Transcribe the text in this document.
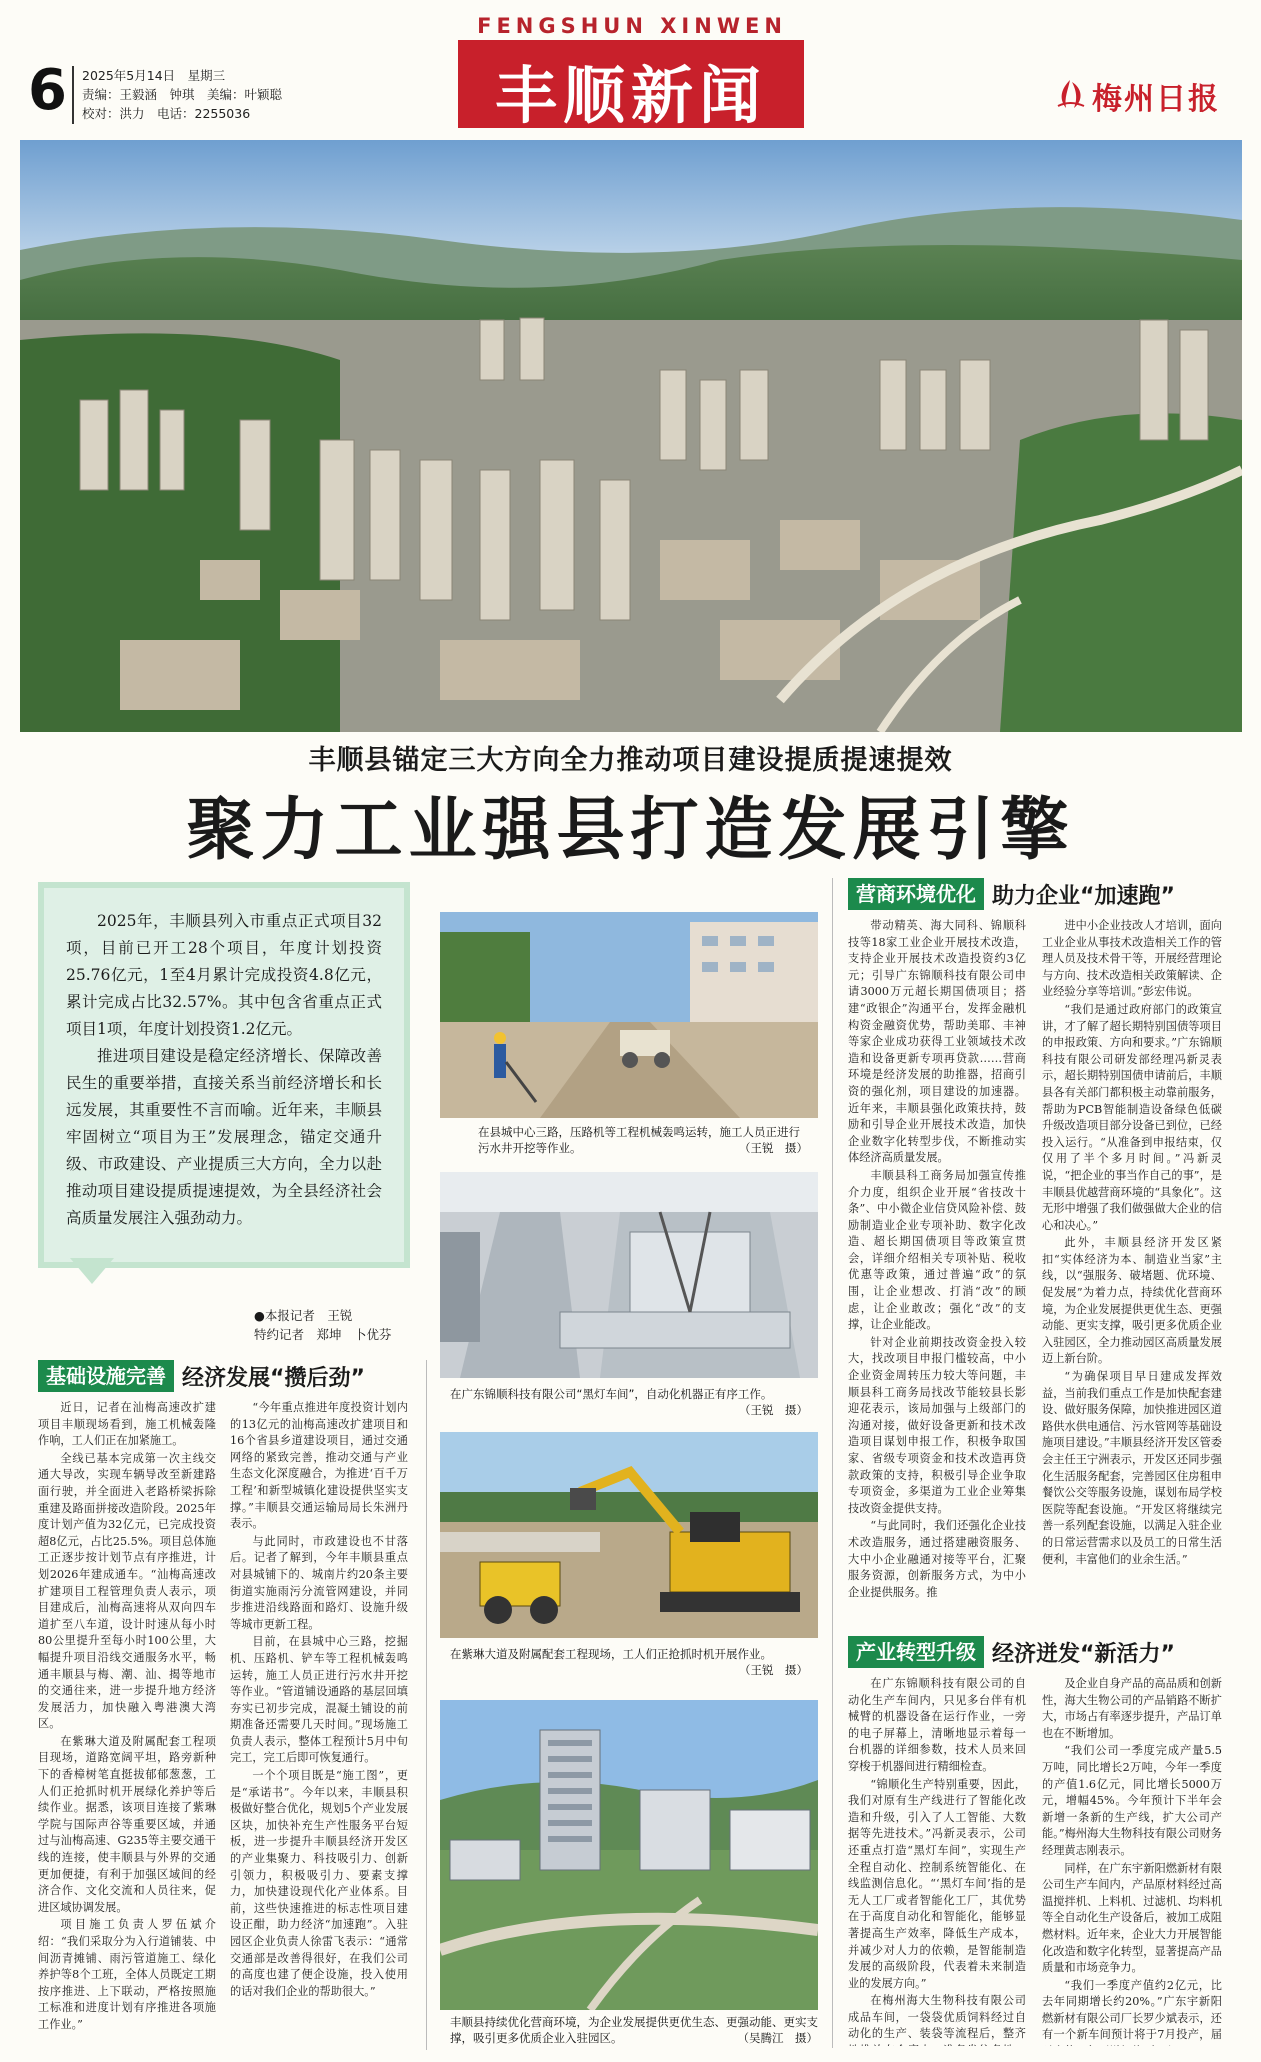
6 2025年5月14日　星期三
责编：王毅涵　钟琪　美编：叶颖聪
校对：洪力　电话：2255036
FENGSHUN XINWEN
丰顺新闻	梅州日报
丰顺县锚定三大方向全力推动项目建设提质提速提效
聚力工业强县打造发展引擎

2025年，丰顺县列入市重点正式项目32项，目前已开工28个项目，年度计划投资25.76亿元，1至4月累计完成投资4.8亿元，累计完成占比32.57%。其中包含省重点正式项目1项，年度计划投资1.2亿元。

推进项目建设是稳定经济增长、保障改善民生的重要举措，直接关系当前经济增长和长远发展，其重要性不言而喻。近年来，丰顺县牢固树立“项目为王”发展理念，锚定交通升级、市政建设、产业提质三大方向，全力以赴推动项目建设提质提速提效，为全县经济社会高质量发展注入强劲动力。

●本报记者　王锐
特约记者　郑坤　卜优芬
基础设施完善 经济发展“攒后劲”

近日，记者在汕梅高速改扩建项目丰顺现场看到，施工机械轰隆作响，工人们正在加紧施工。

全线已基本完成第一次主线交通大导改，实现车辆导改至新建路面行驶，并全面进入老路桥梁拆除重建及路面拼接改造阶段。2025年度计划产值为32亿元，已完成投资超8亿元，占比25.5%。项目总体施工正逐步按计划节点有序推进，计划2026年建成通车。“汕梅高速改扩建项目工程管理负责人表示，项目建成后，汕梅高速将从双向四车道扩至八车道，设计时速从每小时80公里提升至每小时100公里，大幅提升项目沿线交通服务水平，畅通丰顺县与梅、潮、汕、揭等地市的交通往来，进一步提升地方经济发展活力，加快融入粤港澳大湾区。

在紫琳大道及附属配套工程项目现场，道路宽阔平坦，路旁新种下的香樟树笔直挺拔郁郁葱葱，工人们正抢抓时机开展绿化养护等后续作业。据悉，该项目连接了紫琳学院与国际声谷等重要区域，并通过与汕梅高速、G235等主要交通干线的连接，使丰顺县与外界的交通更加便捷，有利于加强区域间的经济合作、文化交流和人员往来，促进区域协调发展。

项目施工负责人罗伍斌介绍：“我们采取分为入行道铺装、中间沥青摊铺、雨污管道施工、绿化养护等8个工班，全体人员既定工期按序推进、上下联动，严格按照施工标准和进度计划有序推进各项施工作业。”

“今年重点推进年度投资计划内的13亿元的汕梅高速改扩建项目和16个省县乡道建设项目，通过交通网络的紧致完善，推动交通与产业生态文化深度融合，为推进‘百千万工程’和新型城镇化建设提供坚实支撑。”丰顺县交通运输局局长朱洲丹表示。

与此同时，市政建设也不甘落后。记者了解到，今年丰顺县重点对县城铺下的、城南片约20条主要街道实施雨污分流管网建设，并同步推进沿线路面和路灯、设施升级等城市更新工程。

目前，在县城中心三路，挖掘机、压路机、铲车等工程机械轰鸣运转，施工人员正进行污水井开挖等作业。“管道铺设通路的基层回填夯实已初步完成，混凝土铺设的前期准备还需要几天时间。”现场施工负责人表示，整体工程预计5月中旬完工，完工后即可恢复通行。

一个个项目既是“施工图”，更是“承诺书”。今年以来，丰顺县积极做好整合优化，规划5个产业发展区块，加快补充生产性服务平台短板，进一步提升丰顺县经济开发区的产业集聚力、科技吸引力、创新引领力，积极吸引力、要素支撑力，加快建设现代化产业体系。目前，这些快速推进的标志性项目建设正酣，助力经济“加速跑”。入驻园区企业负责人徐雷飞表示：“通常交通部是改善得很好，在我们公司的高度也建了便企设施，投入使用的话对我们企业的帮助很大。”

在县城中心三路，压路机等工程机械轰鸣运转，施工人员正进行污水井开挖等作业。	（王锐　摄）
在广东锦顺科技有限公司“黑灯车间”，自动化机器正有序工作。
（王锐　摄）
在紫琳大道及附属配套工程现场，工人们正抢抓时机开展作业。
（王锐　摄）
丰顺县持续优化营商环境，为企业发展提供更优生态、更强动能、更实支撑，吸引更多优质企业入驻园区。	（吴腾江　摄）
营商环境优化 助力企业“加速跑”

带动精英、海大同科、锦顺科技等18家工业企业开展技术改造，支持企业开展技术改造投资约3亿元；引导广东锦顺科技有限公司申请3000万元超长期国债项目；搭建“政银企”沟通平台，发挥金融机构资金融资优势，帮助美耶、丰神等家企业成功获得工业领域技术改造和设备更新专项再贷款……营商环境是经济发展的助推器，招商引资的强化剂，项目建设的加速器。近年来，丰顺县强化政策扶持，鼓励和引导企业开展技术改造，加快企业数字化转型步伐，不断推动实体经济高质量发展。

丰顺县科工商务局加强宣传推介力度，组织企业开展“省技改十条”、中小微企业信贷风险补偿、鼓励制造业企业专项补助、数字化改造、超长期国债项目等政策宣贯会，详细介绍相关专项补贴、税收优惠等政策，通过普遍“政”的氛围，让企业想改、打消“改”的顾虑，让企业敢改；强化“改”的支撑，让企业能改。

针对企业前期技改资金投入较大，找改项目申报门槛较高，中小企业资金周转压力较大等问题，丰顺县科工商务局找改节能较县长影迎花表示，该局加强与上级部门的沟通对接，做好设备更新和技术改造项目谋划申报工作，积极争取国家、省级专项资金和技术改造再贷款政策的支持，积极引导企业争取专项资金，多渠道为工业企业筹集技改资金提供支持。

“与此同时，我们还强化企业技术改造服务，通过搭建融资服务、大中小企业融通对接等平台，汇聚服务资源，创新服务方式，为中小企业提供服务。推

进中小企业技改人才培训，面向工业企业从事技术改造相关工作的管理人员及技术骨干等，开展经营理论与方向、技术改造相关政策解读、企业经验分享等培训。”彭宏伟说。

“我们是通过政府部门的政策宣讲，才了解了超长期特别国债等项目的申报政策、方向和要求。”广东锦顺科技有限公司研发部经理冯新灵表示，超长期特别国债申请前后，丰顺县各有关部门都积极主动靠前服务，帮助为PCB智能制造设备绿色低碳升级改造项目部分设备已到位，已经投入运行。“从准备到申报结束，仅仅用了半个多月时间。”冯新灵说，“把企业的事当作自己的事”，是丰顺县优越营商环境的“具象化”。这无形中增强了我们做强做大企业的信心和决心。”

此外，丰顺县经济开发区紧扣“实体经济为本、制造业当家”主线，以“强服务、破堵题、优环境、促发展”为着力点，持续优化营商环境，为企业发展提供更优生态、更强动能、更实支撑，吸引更多优质企业入驻园区，全力推动园区高质量发展迈上新台阶。

“为确保项目早日建成发挥效益，当前我们重点工作是加快配套建设、做好服务保障，加快推进园区道路供水供电通信、污水管网等基础设施项目建设。”丰顺县经济开发区管委会主任王宁洲表示，开发区还同步强化生活服务配套，完善园区住房租申餐饮公交等服务设施，谋划布局学校医院等配套设施。“开发区将继续完善一系列配套设施，以满足入驻企业的日常运营需求以及员工的日常生活便利，丰富他们的业余生活。”

产业转型升级 经济迸发“新活力”

在广东锦顺科技有限公司的自动化生产车间内，只见多台伴有机械臂的机器设备在运行作业，一旁的电子屏幕上，清晰地显示着每一台机器的详细参数，技术人员来回穿梭于机器间进行精细检查。

“锦顺化生产特别重要，因此，我们对原有生产线进行了智能化改造和升级，引入了人工智能、大数据等先进技术。”冯新灵表示，公司还重点打造“黑灯车间”，实现生产全程自动化、控制系统智能化、在线监测信息化。“‘黑灯车间’指的是无人工厂或者智能化工厂，其优势在于高度自动化和智能化，能够显著提高生产效率，降低生产成本，并减少对人力的依赖，是智能制造发展的高级阶段，代表着未来制造业的发展方向。”

在梅州海大生物科技有限公司成品车间，一袋袋优质饲料经过自动化的生产、装袋等流程后，整齐

及企业自身产品的高品质和创新性，海大生物公司的产品销路不断扩大，市场占有率逐步提升，产品订单也在不断增加。

“我们公司一季度完成产量5.5万吨，同比增长2万吨，今年一季度的产值1.6亿元，同比增长5000万元，增幅45%。今年预计下半年会新增一条新的生产线，扩大公司产能。”梅州海大生物科技有限公司财务经理黄志刚表示。

同样，在广东宇新阳燃新材有限公司生产车间内，产品原材料经过高温搅拌机、上料机、过滤机、均料机等全自动化生产设备后，被加工成阻燃材料。近年来，企业大力开展智能化改造和数字化转型，显著提高产品质量和市场竞争力。

“我们一季度产值约2亿元，比去年同期增长约20%。”广东宇新阳燃新材有限公司厂长罗少斌表示，还有一个新车间预计将于7月投产，届
